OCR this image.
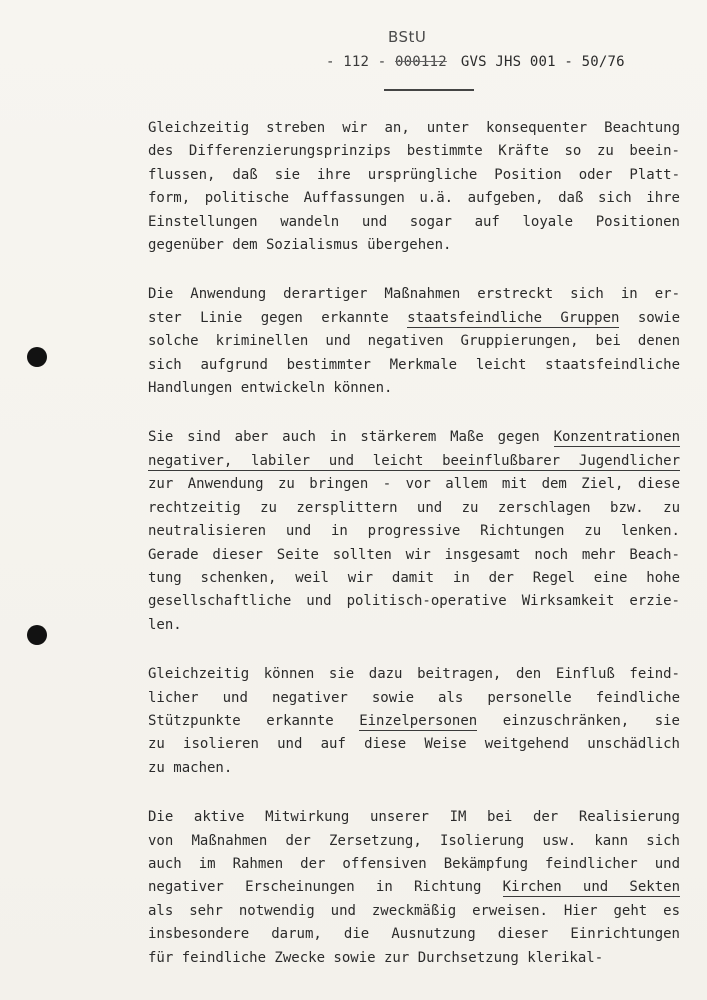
BStU
- 112 - 000112 GVS JHS 001 - 50/76
Gleichzeitig streben wir an, unter konsequenter Beachtung
des Differenzierungsprinzips bestimmte Kräfte so zu beein-
flussen, daß sie ihre ursprüngliche Position oder Platt-
form, politische Auffassungen u.ä. aufgeben, daß sich ihre
Einstellungen wandeln und sogar auf loyale Positionen
gegenüber dem Sozialismus übergehen.
Die Anwendung derartiger Maßnahmen erstreckt sich in er-
ster Linie gegen erkannte staatsfeindliche Gruppen sowie
solche kriminellen und negativen Gruppierungen, bei denen
sich aufgrund bestimmter Merkmale leicht staatsfeindliche
Handlungen entwickeln können.
Sie sind aber auch in stärkerem Maße gegen Konzentrationen
negativer, labiler und leicht beeinflußbarer Jugendlicher
zur Anwendung zu bringen - vor allem mit dem Ziel, diese
rechtzeitig zu zersplittern und zu zerschlagen bzw. zu
neutralisieren und in progressive Richtungen zu lenken.
Gerade dieser Seite sollten wir insgesamt noch mehr Beach-
tung schenken, weil wir damit in der Regel eine hohe
gesellschaftliche und politisch-operative Wirksamkeit erzie-
len.
Gleichzeitig können sie dazu beitragen, den Einfluß feind-
licher und negativer sowie als personelle feindliche
Stützpunkte erkannte Einzelpersonen einzuschränken, sie
zu isolieren und auf diese Weise weitgehend unschädlich
zu machen.
Die aktive Mitwirkung unserer IM bei der Realisierung
von Maßnahmen der Zersetzung, Isolierung usw. kann sich
auch im Rahmen der offensiven Bekämpfung feindlicher und
negativer Erscheinungen in Richtung Kirchen und Sekten
als sehr notwendig und zweckmäßig erweisen. Hier geht es
insbesondere darum, die Ausnutzung dieser Einrichtungen
für feindliche Zwecke sowie zur Durchsetzung klerikal-
